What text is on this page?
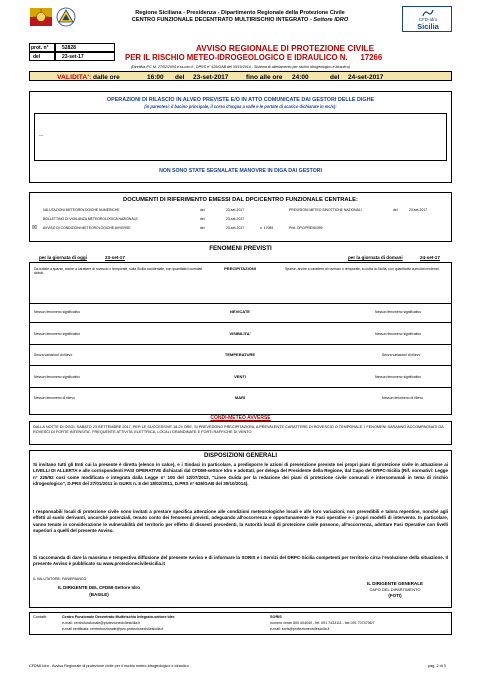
Regione Siciliana - Presidenza - Dipartimento Regionale della Protezione Civile
CENTRO FUNZIONALE DECENTRATO MULTIRISCHIO INTEGRATO - Settore IDRO	CFD-Idro
Sicilia
prot. n°	52828
del	23-set-17
AVVISO REGIONALE DI PROTEZIONE CIVILE
PER IL RISCHIO METEO-IDROGEOLOGICO E IDRAULICO N. 17266
(Direttiva P.C.M. 27/02/2004 e ss.mm.ii., DPRS n° 626/GAB del 30/10/2014 - Sistema di allertamento per rischio idrogeologico e idraulico)
VALIDITA': dalle ore	16:00 del 23-set-2017	fino alle ore 24:00	del 24-set-2017
OPERAZIONI DI RILASCIO IN ALVEO PREVISTE E/O IN ATTO COMUNICATE DAI GESTORI DELLE DIGHE
(in parentesi: il bacino principale, il corso d'acqua a valle e le portate di scarico dichiarate in mc/s):
---
NON SONO STATE SEGNALATE MANOVRE IN DIGA DAI GESTORI
DOCUMENTI DI RIFERIMENTO EMESSI DAL DPC/CENTRO FUNZIONALE CENTRALE:
VALUTAZIONI METEOROLOGICHE NUMERICHE	del	23-set-2017	PREVISIONI METEO SINOTTICHE NAZIONALI	del	23-set-2017
BOLLETTINO DI VIGILANZA METEOROLOGICA NAZIONALE	del	23-set-2017
☒ AVVISO DI CONDIZIONI METEOROLOGICHE AVVERSE	del	23-set-2017	n. 17085	Prot. DPC/PRE/60399
FENOMENI PREVISTI
per la giornata di oggi	23-set-17	per la giornata di domani	24-set-17
Da isolate a sparse, anche a carattere di rovescio o temporale, sulla Sicilia occidentale, con quantitativi cumulati deboli.
PRECIPITAZIONI	Sparse, anche a carattere di rovescio o temporale, su tutta la Sicilia, con quantitativi cumulati moderati.
Nessun fenomeno significativo	NEVICATE	Nessun fenomeno significativo
Nessun fenomeno significativo	VISIBILITA'	Nessun fenomeno significativo
Senza variazioni di rilievo	TEMPERATURE	Senza variazioni di rilievo
Nessun fenomeno significativo	VENTI	Nessun fenomeno significativo
Nessun fenomeno di rilievo	MARI	Nessun fenomeno di rilievo
CONDI-METEO AVVERSE
DALLA NOTTE DI OGGI, SABATO 23 SETTEMBRE 2017, PER LE SUCCESSIVE 18-24 ORE, SI PREVEDONO PRECIPITAZIONI, A PREVALENTE CARATTERE DI ROVESCIO O TEMPORALE. I FENOMENI SARANNO ACCOMPAGNATI DA ROVESCI DI FORTE INTENSITA', FREQUENTE ATTIVITA' ELETTRICA, LOCALI GRANDINATE E FORTI RAFFICHE DI VENTO
DISPOSIZIONI GENERALI
Si invitano tutti gli Enti cui la presente è diretta (elenco in calce), e i Sindaci in particolare, a predisporre le azioni di prevenzione previste nei propri piani di protezione civile in attuazione ai LIVELLI DI ALLERTA e alle corrispondenti FASI OPERATIVE dichiarati dal CFDMI-settore Idro e adottati, per delega del Presidente della Regione, dal Capo del DRPC-Sicilia (Rif. normativi: Legge n° 225/92 così come modificata e integrata dalla Legge n° 100 del 12/07/2012, "Linee Guida per la redazione dei piani di protezione civile comunali e intercomunali in tema di rischio idrogeologico", D.PRS del 27/01/2011 in GURS n. 8 del 18/02/2011, D.PRS n° 626/GAB del 30/10/2014).
I responsabili locali di protezione civile sono invitati a prestare specifica attenzione alle condizioni meteorologiche locali e alle loro variazioni, non prevedibili e talora repentine, nonché agli effetti al suolo derivanti, ancorché potenziali, tenuto conto dei fenomeni previsti, adeguando all'occorrenza e opportunamente le Fasi operative e i propri modelli di intervento. In particolare, vanno tenute in considerazione le vulnerabilità del territorio per effetto di dissesti precedenti, la Autorità locali di protezione civile possono, all'occorrenza, adottare Fasi Operative con livelli superiori a quelli del presente Avviso.
Si raccomanda di dare la massima e tempestiva diffusione del presente Avviso e di informare la SORIS e i Servizi del DRPC-Sicilia competenti per territorio circa l'evoluzione della situazione. Il presente Avviso è pubblicato su www.protezionecivilesicilia.it
IL VALUTATORE: FANIERIANCO
IL DIRIGENTE DEL CFDMI-Settore Idro
(BASILE)
IL DIRIGENTE GENERALE
CAPO DEL DIPARTIMENTO
(FOTI)
Contatti:	Centro Funzionale Decentrato Multirischio Integrato-settore Idro
e-mail: centrofunzionale@protezionecivilesicilia.it
e-mail certificata: centrofunzionale@pec.protezionecivilesicilia.it
SORIS
numero verde 800 404040 - tel. 091 7433111 - fax 091 7074796/7
e-mail: soris@protezionecivilesicilia.it
CFDMI-Idro - Avviso Regionale di protezione civile per il rischio meteo-idrogeologico e idraulico	pag. 2 di 3
